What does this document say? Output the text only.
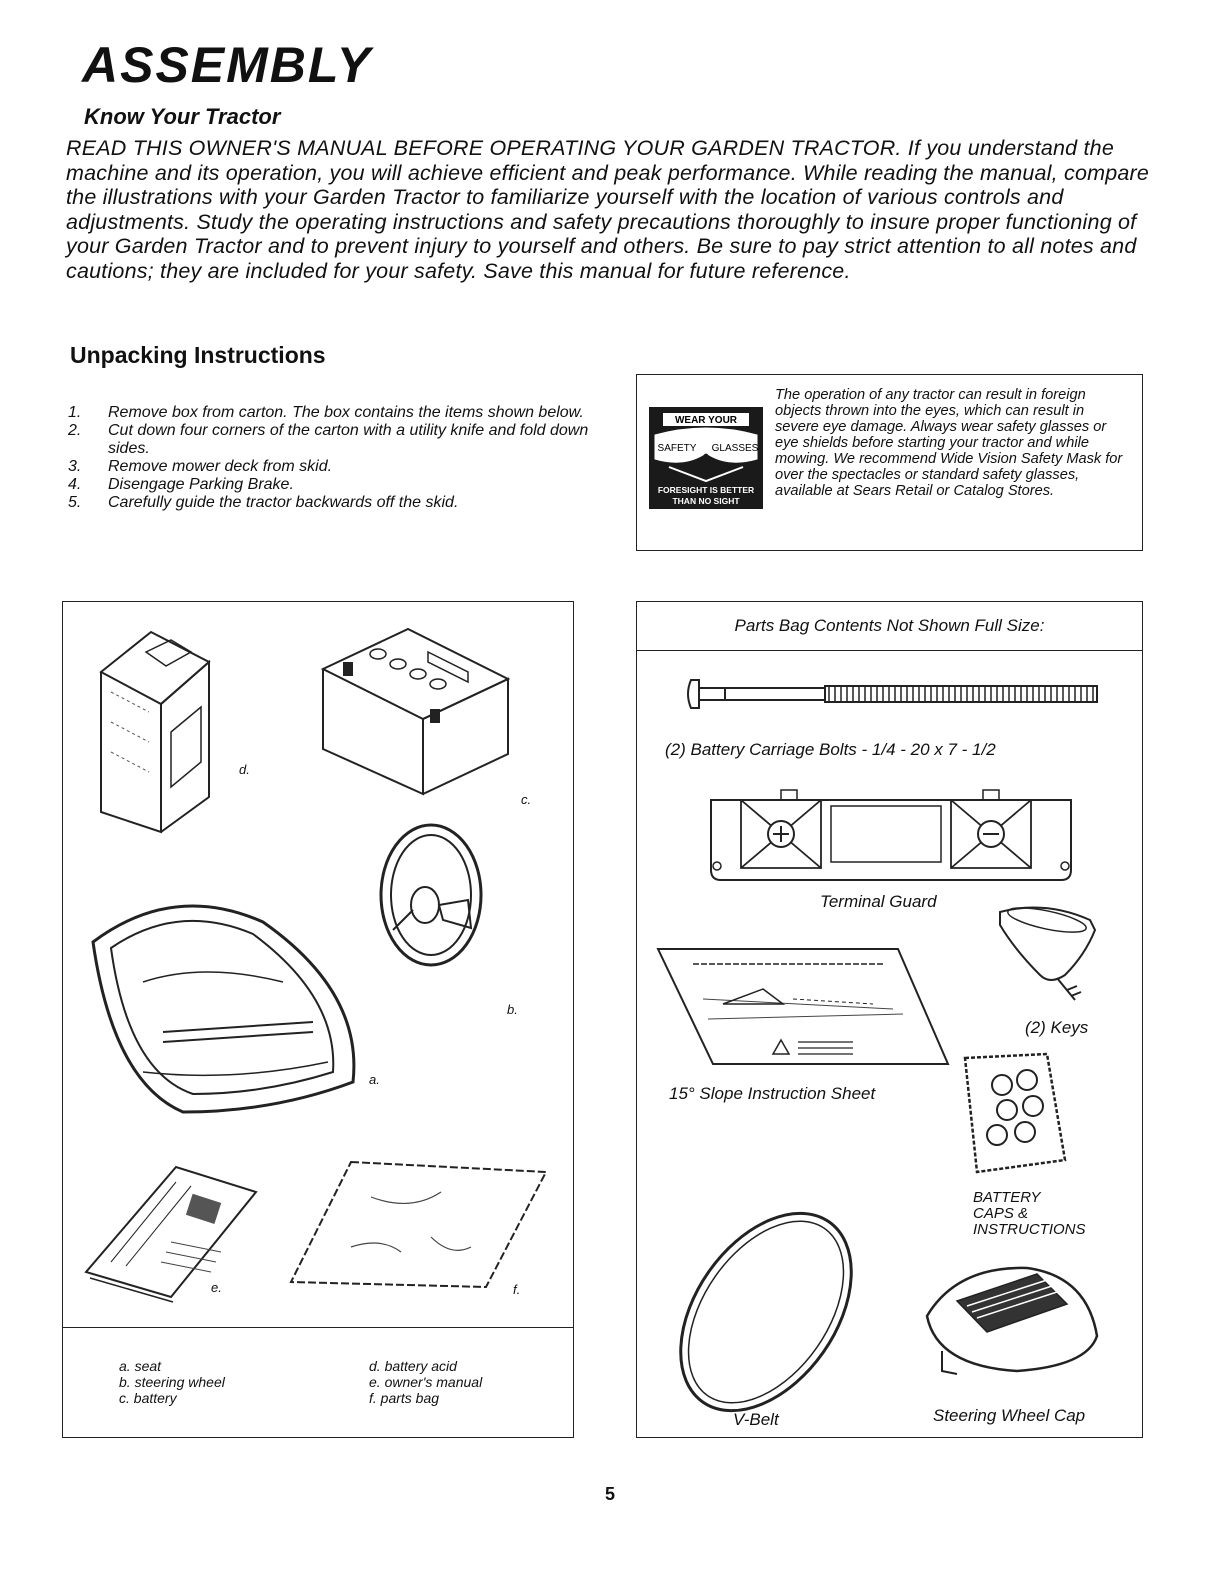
ASSEMBLY
Know Your Tractor
READ THIS OWNER'S MANUAL BEFORE OPERATING YOUR GARDEN TRACTOR. If you understand the machine and its operation, you will achieve efficient and peak performance. While reading the manual, compare the illustrations with your Garden Tractor to familiarize yourself with the location of various controls and adjustments. Study the operating instructions and safety precautions thoroughly to insure proper functioning of your Garden Tractor and to prevent injury to yourself and others. Be sure to pay strict attention to all notes and cautions; they are included for your safety. Save this manual for future reference.
Unpacking Instructions
1.	Remove box from carton. The box contains the items shown below.
2.	Cut down four corners of the carton with a utility knife and fold down sides.
3.	Remove mower deck from skid.
4.	Disengage Parking Brake.
5.	Carefully guide the tractor backwards off the skid.
WEAR YOUR
SAFETY GLASSES
FORESIGHT IS BETTER
THAN NO SIGHT
The operation of any tractor can result in foreign objects thrown into the eyes, which can result in severe eye damage. Always wear safety glasses or eye shields before starting your tractor and while mowing. We recommend Wide Vision Safety Mask for over the spectacles or standard safety glasses, available at Sears Retail or Catalog Stores.
d.
c.
b.
a.
e.	f.
a. seat
b. steering wheel
c. battery
d. battery acid
e. owner's manual
f. parts bag
Parts Bag Contents Not Shown Full Size:
(2) Battery Carriage Bolts - 1/4 - 20 x 7 - 1/2
Terminal Guard
(2) Keys
15° Slope Instruction Sheet
BATTERY
CAPS &
INSTRUCTIONS
V-Belt	Steering Wheel Cap
5
